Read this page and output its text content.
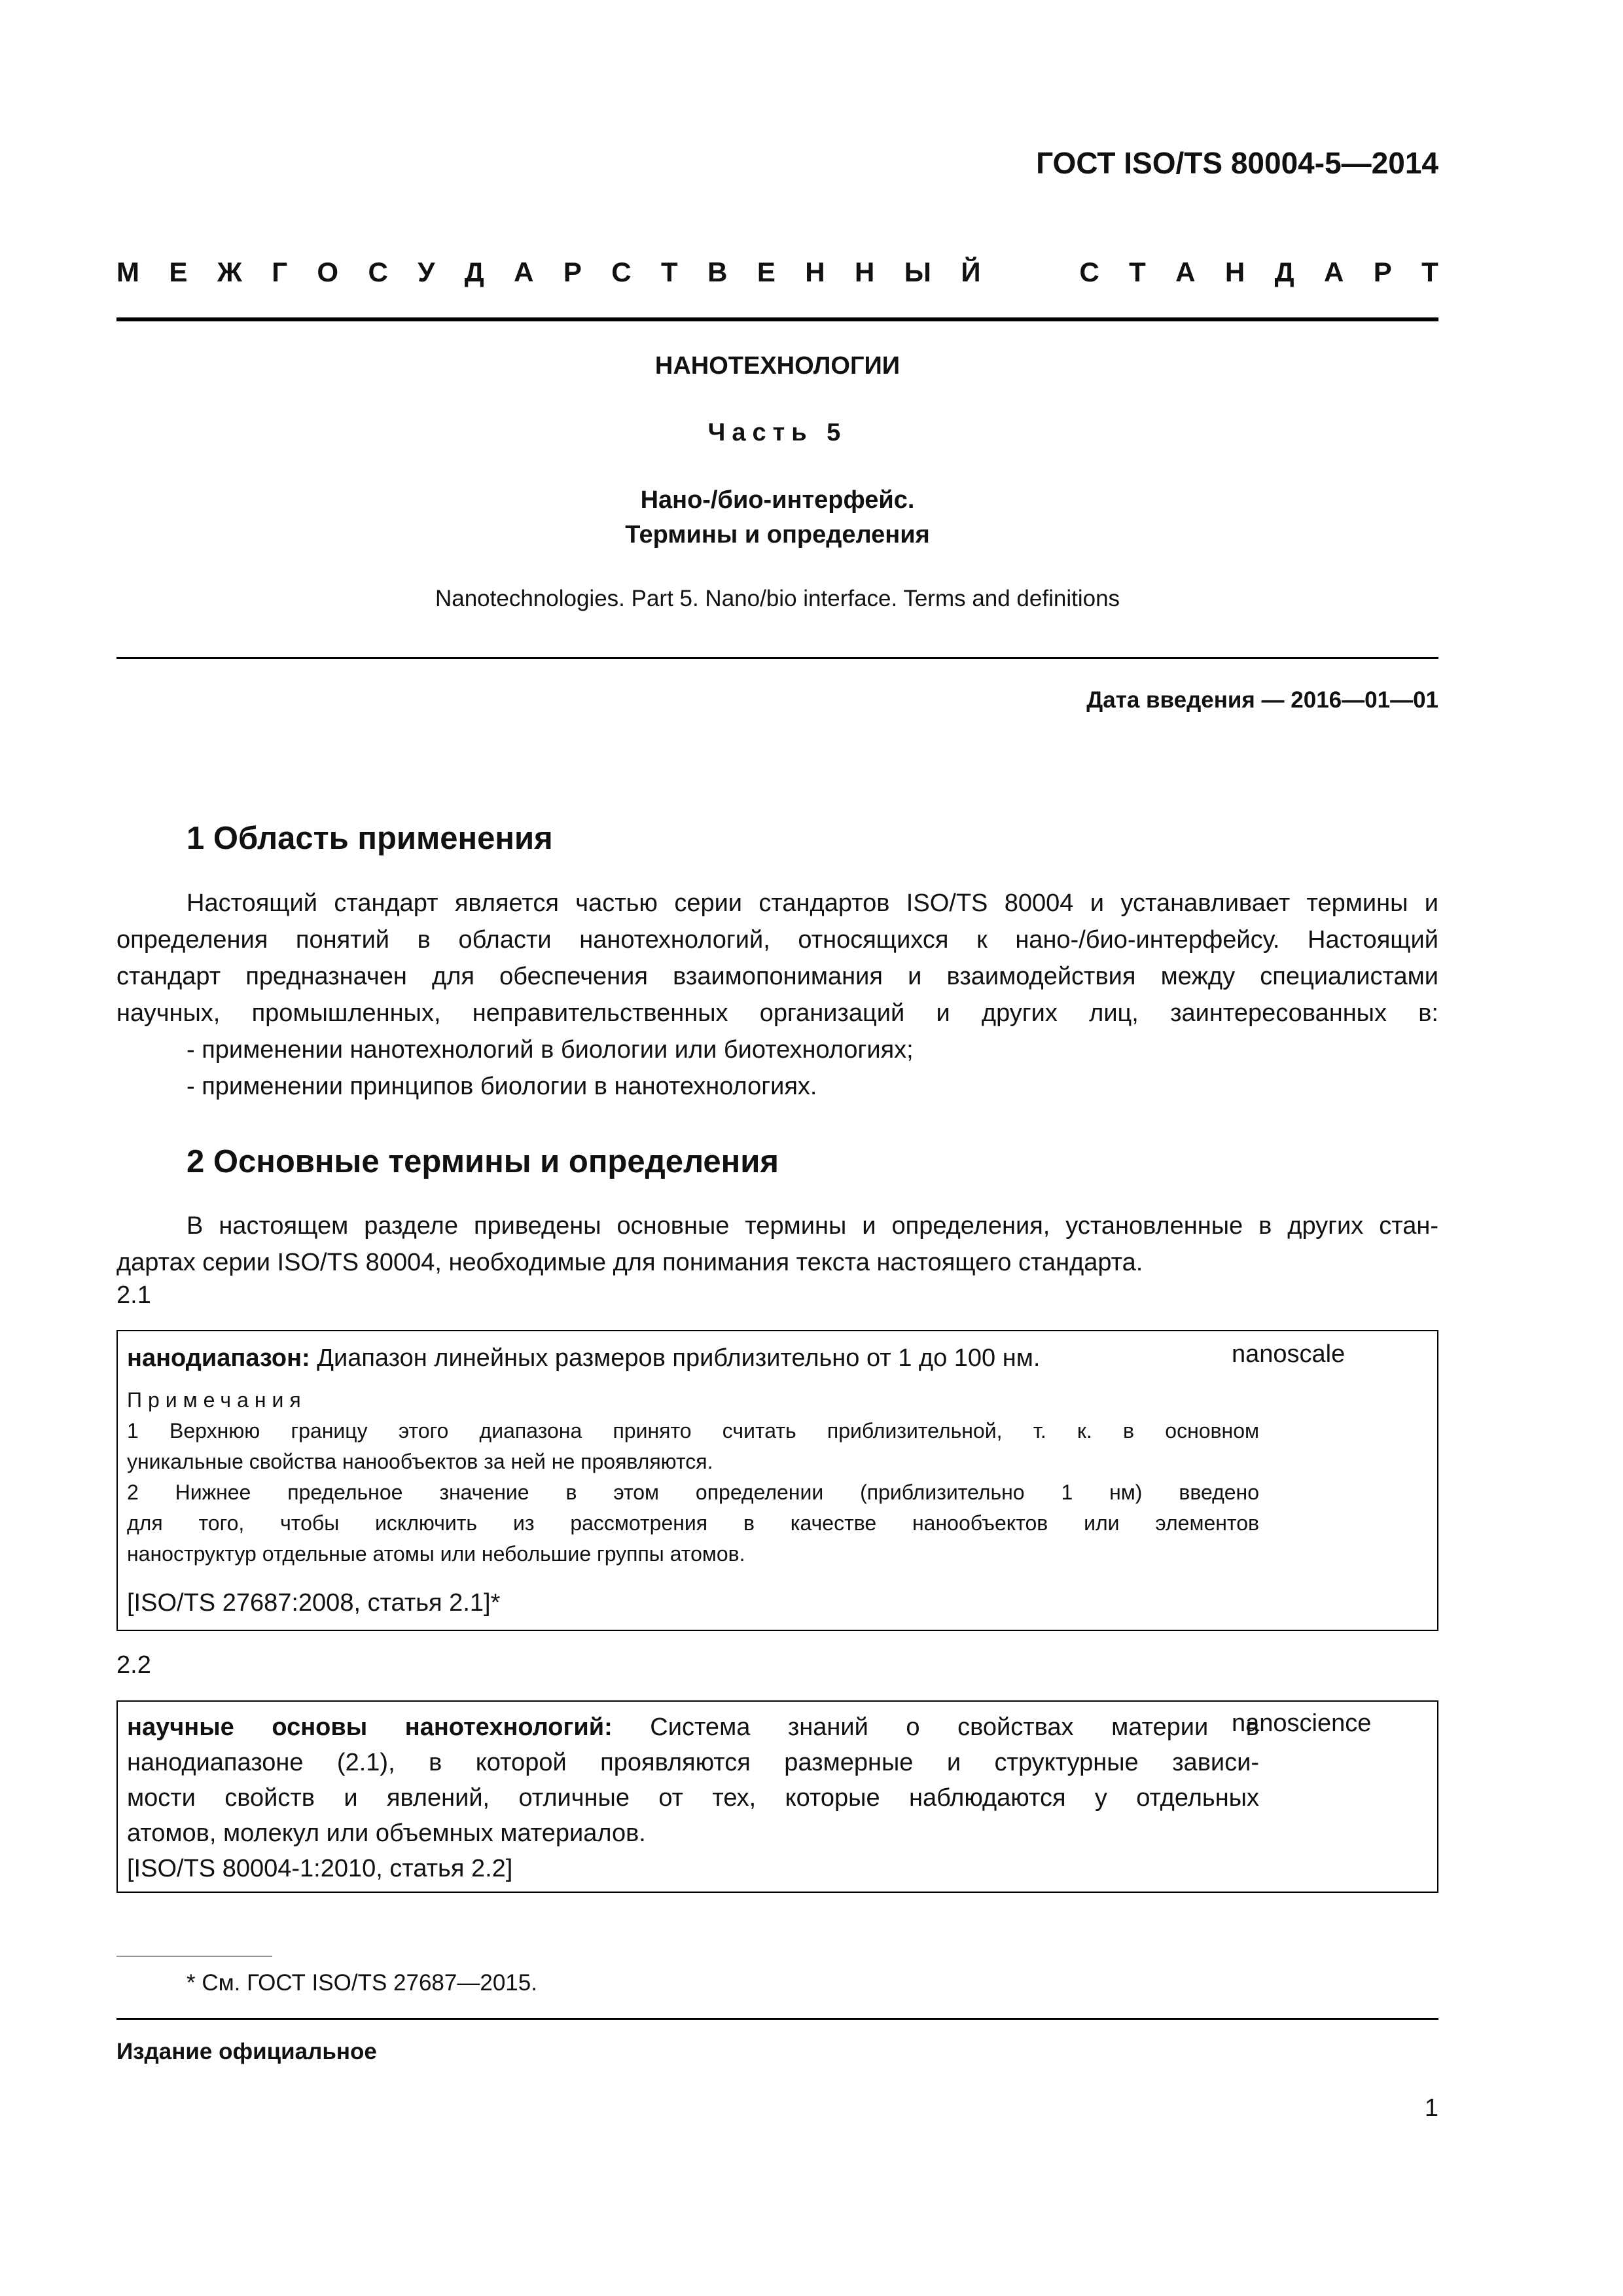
ГОСТ ISO/TS 80004-5—2014
М Е Ж Г О С У Д А Р С Т В Е Н Н Ы Й	С Т А Н Д А Р Т
НАНОТЕХНОЛОГИИ
Часть 5
Нано-/био-интерфейс.
Термины и определения
Nanotechnologies. Part 5. Nano/bio interface. Terms and definitions
Дата введения — 2016—01—01
1 Область применения
Настоящий стандарт является частью серии стандартов ISO/TS 80004 и устанавливает термины и
определения понятий в области нанотехнологий, относящихся к нано-/био-интерфейсу. Настоящий
стандарт предназначен для обеспечения взаимопонимания и взаимодействия между специалистами
научных, промышленных, неправительственных организаций и других лиц, заинтересованных в:
- применении нанотехнологий в биологии или биотехнологиях;
- применении принципов биологии в нанотехнологиях.
2 Основные термины и определения
В настоящем разделе приведены основные термины и определения, установленные в других стан-
дартах серии ISO/TS 80004, необходимые для понимания текста настоящего стандарта.
2.1
нанодиапазон: Диапазон линейных размеров приблизительно от 1 до 100 нм.	nanoscale
Примечания
1 Верхнюю границу этого диапазона принято считать приблизительной, т. к. в основном
уникальные свойства нанообъектов за ней не проявляются.
2 Нижнее предельное значение в этом определении (приблизительно 1 нм) введено
для того, чтобы исключить из рассмотрения в качестве нанообъектов или элементов
наноструктур отдельные атомы или небольшие группы атомов.
[ISO/TS 27687:2008, статья 2.1]*
2.2
научные основы нанотехнологий: Система знаний о свойствах материи в
нанодиапазоне (2.1), в которой проявляются размерные и структурные зависи-
мости свойств и явлений, отличные от тех, которые наблюдаются у отдельных
атомов, молекул или объемных материалов.
[ISO/TS 80004-1:2010, статья 2.2]
nanoscience
* См. ГОСТ ISO/TS 27687—2015.
Издание официальное
1
